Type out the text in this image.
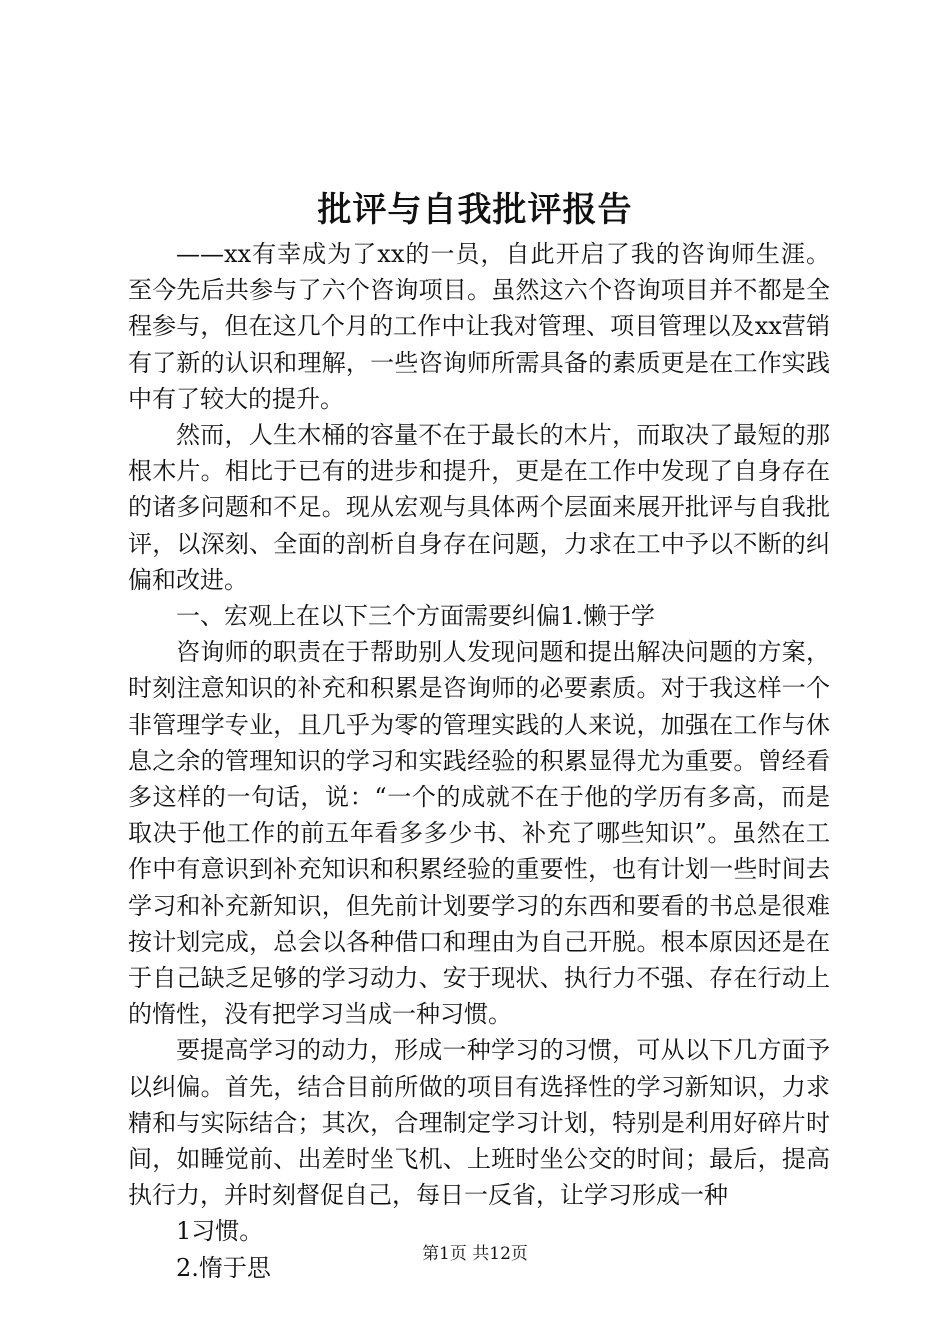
批评与自我批评报告

——xx有幸成为了xx的一员，自此开启了我的咨询师生涯。至今先后共参与了六个咨询项目。虽然这六个咨询项目并不都是全程参与，但在这几个月的工作中让我对管理、项目管理以及xx营销有了新的认识和理解，一些咨询师所需具备的素质更是在工作实践中有了较大的提升。

然而，人生木桶的容量不在于最长的木片，而取决了最短的那根木片。相比于已有的进步和提升，更是在工作中发现了自身存在的诸多问题和不足。现从宏观与具体两个层面来展开批评与自我批评，以深刻、全面的剖析自身存在问题，力求在工中予以不断的纠偏和改进。

一、宏观上在以下三个方面需要纠偏1.懒于学

咨询师的职责在于帮助别人发现问题和提出解决问题的方案，时刻注意知识的补充和积累是咨询师的必要素质。对于我这样一个非管理学专业，且几乎为零的管理实践的人来说，加强在工作与休息之余的管理知识的学习和实践经验的积累显得尤为重要。曾经看多这样的一句话，说：“一个的成就不在于他的学历有多高，而是取决于他工作的前五年看多多少书、补充了哪些知识”。虽然在工作中有意识到补充知识和积累经验的重要性，也有计划一些时间去学习和补充新知识，但先前计划要学习的东西和要看的书总是很难按计划完成，总会以各种借口和理由为自己开脱。根本原因还是在于自己缺乏足够的学习动力、安于现状、执行力不强、存在行动上的惰性，没有把学习当成一种习惯。

要提高学习的动力，形成一种学习的习惯，可从以下几方面予以纠偏。首先，结合目前所做的项目有选择性的学习新知识，力求精和与实际结合；其次，合理制定学习计划，特别是利用好碎片时间，如睡觉前、出差时坐飞机、上班时坐公交的时间；最后，提高执行力，并时刻督促自己，每日一反省，让学习形成一种

1习惯。

2.惰于思	第1页 共12页
